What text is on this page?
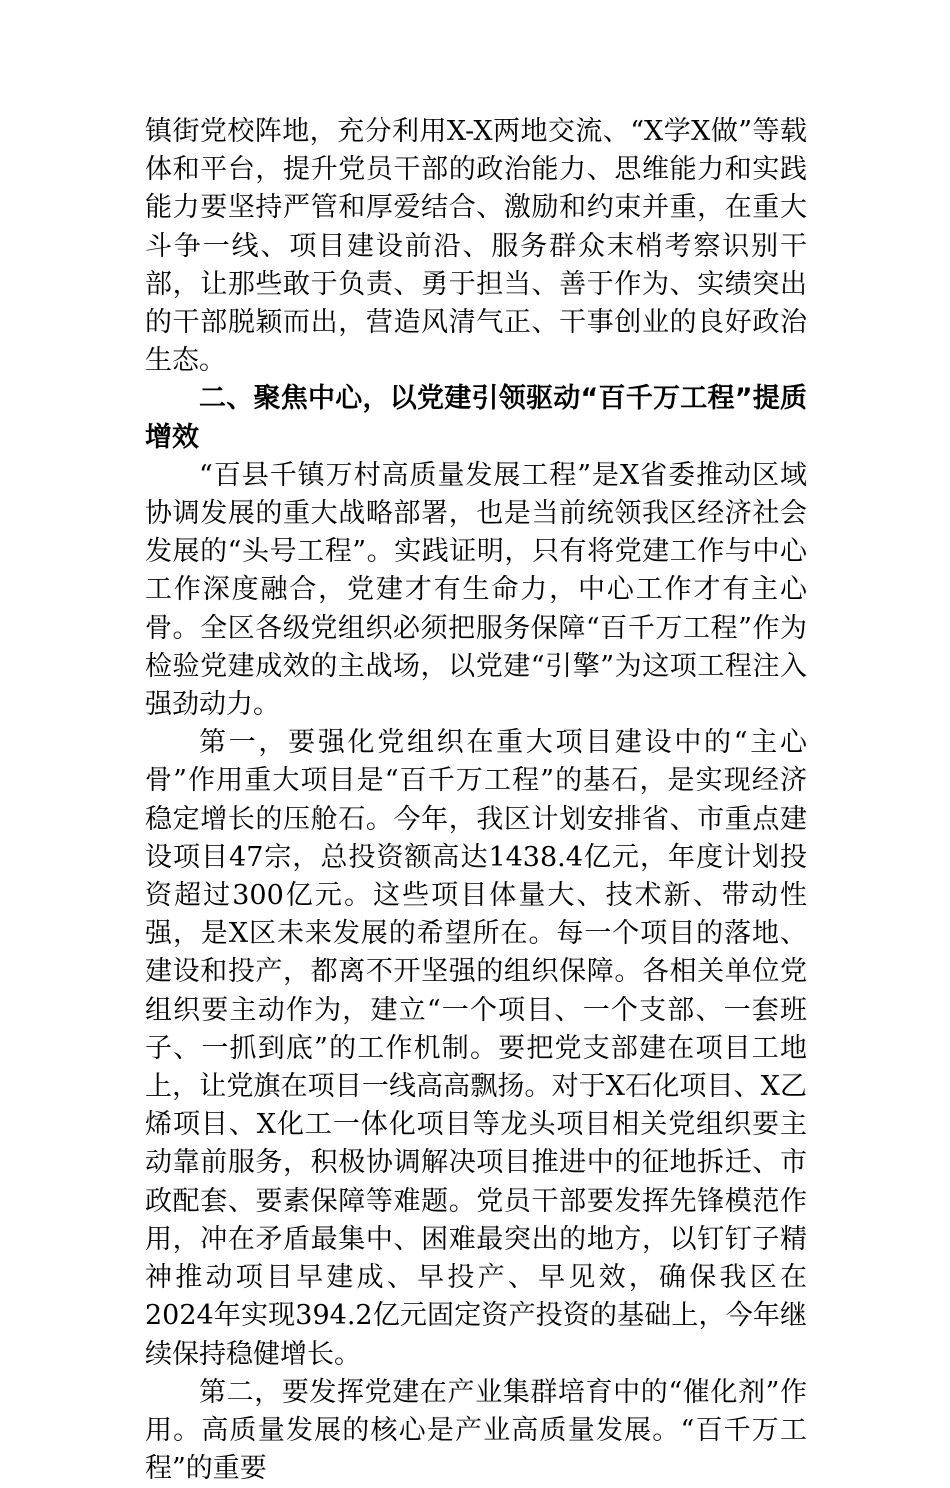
镇街党校阵地，充分利用X-X两地交流、“X学X做”等载体和平台，提升党员干部的政治能力、思维能力和实践能力要坚持严管和厚爱结合、激励和约束并重，在重大斗争一线、项目建设前沿、服务群众末梢考察识别干部，让那些敢于负责、勇于担当、善于作为、实绩突出的干部脱颖而出，营造风清气正、干事创业的良好政治生态。

二、聚焦中心，以党建引领驱动“百千万工程”提质增效

“百县千镇万村高质量发展工程”是X省委推动区域协调发展的重大战略部署，也是当前统领我区经济社会发展的“头号工程”。实践证明，只有将党建工作与中心工作深度融合，党建才有生命力，中心工作才有主心骨。全区各级党组织必须把服务保障“百千万工程”作为检验党建成效的主战场，以党建“引擎”为这项工程注入强劲动力。

第一，要强化党组织在重大项目建设中的“主心骨”作用重大项目是“百千万工程”的基石，是实现经济稳定增长的压舱石。今年，我区计划安排省、市重点建设项目47宗，总投资额高达1438.4亿元，年度计划投资超过300亿元。这些项目体量大、技术新、带动性强，是X区未来发展的希望所在。每一个项目的落地、建设和投产，都离不开坚强的组织保障。各相关单位党组织要主动作为，建立“一个项目、一个支部、一套班子、一抓到底”的工作机制。要把党支部建在项目工地上，让党旗在项目一线高高飘扬。对于X石化项目、X乙烯项目、X化工一体化项目等龙头项目相关党组织要主动靠前服务，积极协调解决项目推进中的征地拆迁、市政配套、要素保障等难题。党员干部要发挥先锋模范作用，冲在矛盾最集中、困难最突出的地方，以钉钉子精神推动项目早建成、早投产、早见效，确保我区在2024年实现394.2亿元固定资产投资的基础上，今年继续保持稳健增长。

第二，要发挥党建在产业集群培育中的“催化剂”作用。高质量发展的核心是产业高质量发展。“百千万工程”的重要
